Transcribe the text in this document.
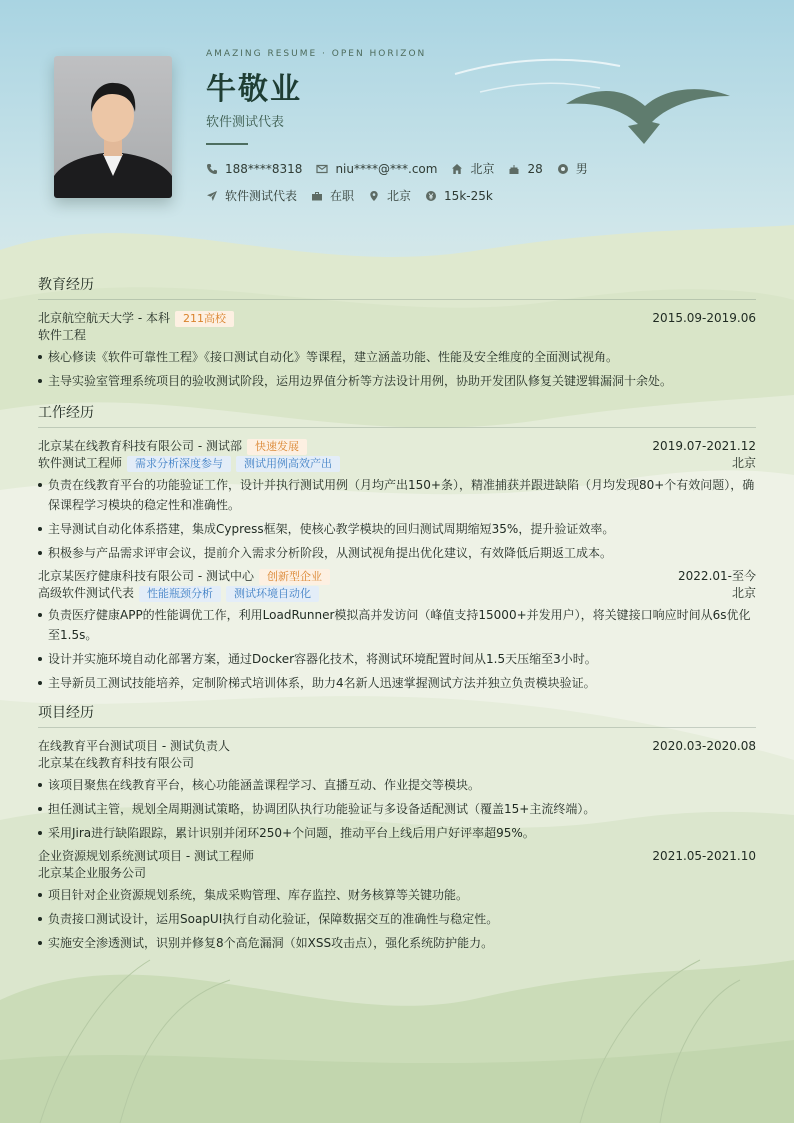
AMAZING RESUME · OPEN HORIZON
牛敬业
软件测试代表
188****8318	niu****@***.com	北京	28	男
软件测试代表	在职	北京	15k-25k
教育经历
北京航空航天大学 - 本科 211高校	2015.09-2019.06
软件工程
核心修读《软件可靠性工程》《接口测试自动化》等课程，建立涵盖功能、性能及安全维度的全面测试视角。
主导实验室管理系统项目的验收测试阶段，运用边界值分析等方法设计用例，协助开发团队修复关键逻辑漏洞十余处。
工作经历
北京某在线教育科技有限公司 - 测试部 快速发展	2019.07-2021.12
软件测试工程师 需求分析深度参与 测试用例高效产出	北京
负责在线教育平台的功能验证工作，设计并执行测试用例（月均产出150+条），精准捕获并跟进缺陷（月均发现80+个有效问题），确保课程学习模块的稳定性和准确性。
主导测试自动化体系搭建，集成Cypress框架，使核心教学模块的回归测试周期缩短35%，提升验证效率。
积极参与产品需求评审会议，提前介入需求分析阶段，从测试视角提出优化建议，有效降低后期返工成本。
北京某医疗健康科技有限公司 - 测试中心 创新型企业	2022.01-至今
高级软件测试代表 性能瓶颈分析 测试环境自动化	北京
负责医疗健康APP的性能调优工作，利用LoadRunner模拟高并发访问（峰值支持15000+并发用户），将关键接口响应时间从6s优化至1.5s。
设计并实施环境自动化部署方案，通过Docker容器化技术，将测试环境配置时间从1.5天压缩至3小时。
主导新员工测试技能培养，定制阶梯式培训体系，助力4名新人迅速掌握测试方法并独立负责模块验证。
项目经历
在线教育平台测试项目 - 测试负责人	2020.03-2020.08
北京某在线教育科技有限公司
该项目聚焦在线教育平台，核心功能涵盖课程学习、直播互动、作业提交等模块。
担任测试主管，规划全周期测试策略，协调团队执行功能验证与多设备适配测试（覆盖15+主流终端）。
采用Jira进行缺陷跟踪，累计识别并闭环250+个问题，推动平台上线后用户好评率超95%。
企业资源规划系统测试项目 - 测试工程师	2021.05-2021.10
北京某企业服务公司
项目针对企业资源规划系统，集成采购管理、库存监控、财务核算等关键功能。
负责接口测试设计，运用SoapUI执行自动化验证，保障数据交互的准确性与稳定性。
实施安全渗透测试，识别并修复8个高危漏洞（如XSS攻击点），强化系统防护能力。
